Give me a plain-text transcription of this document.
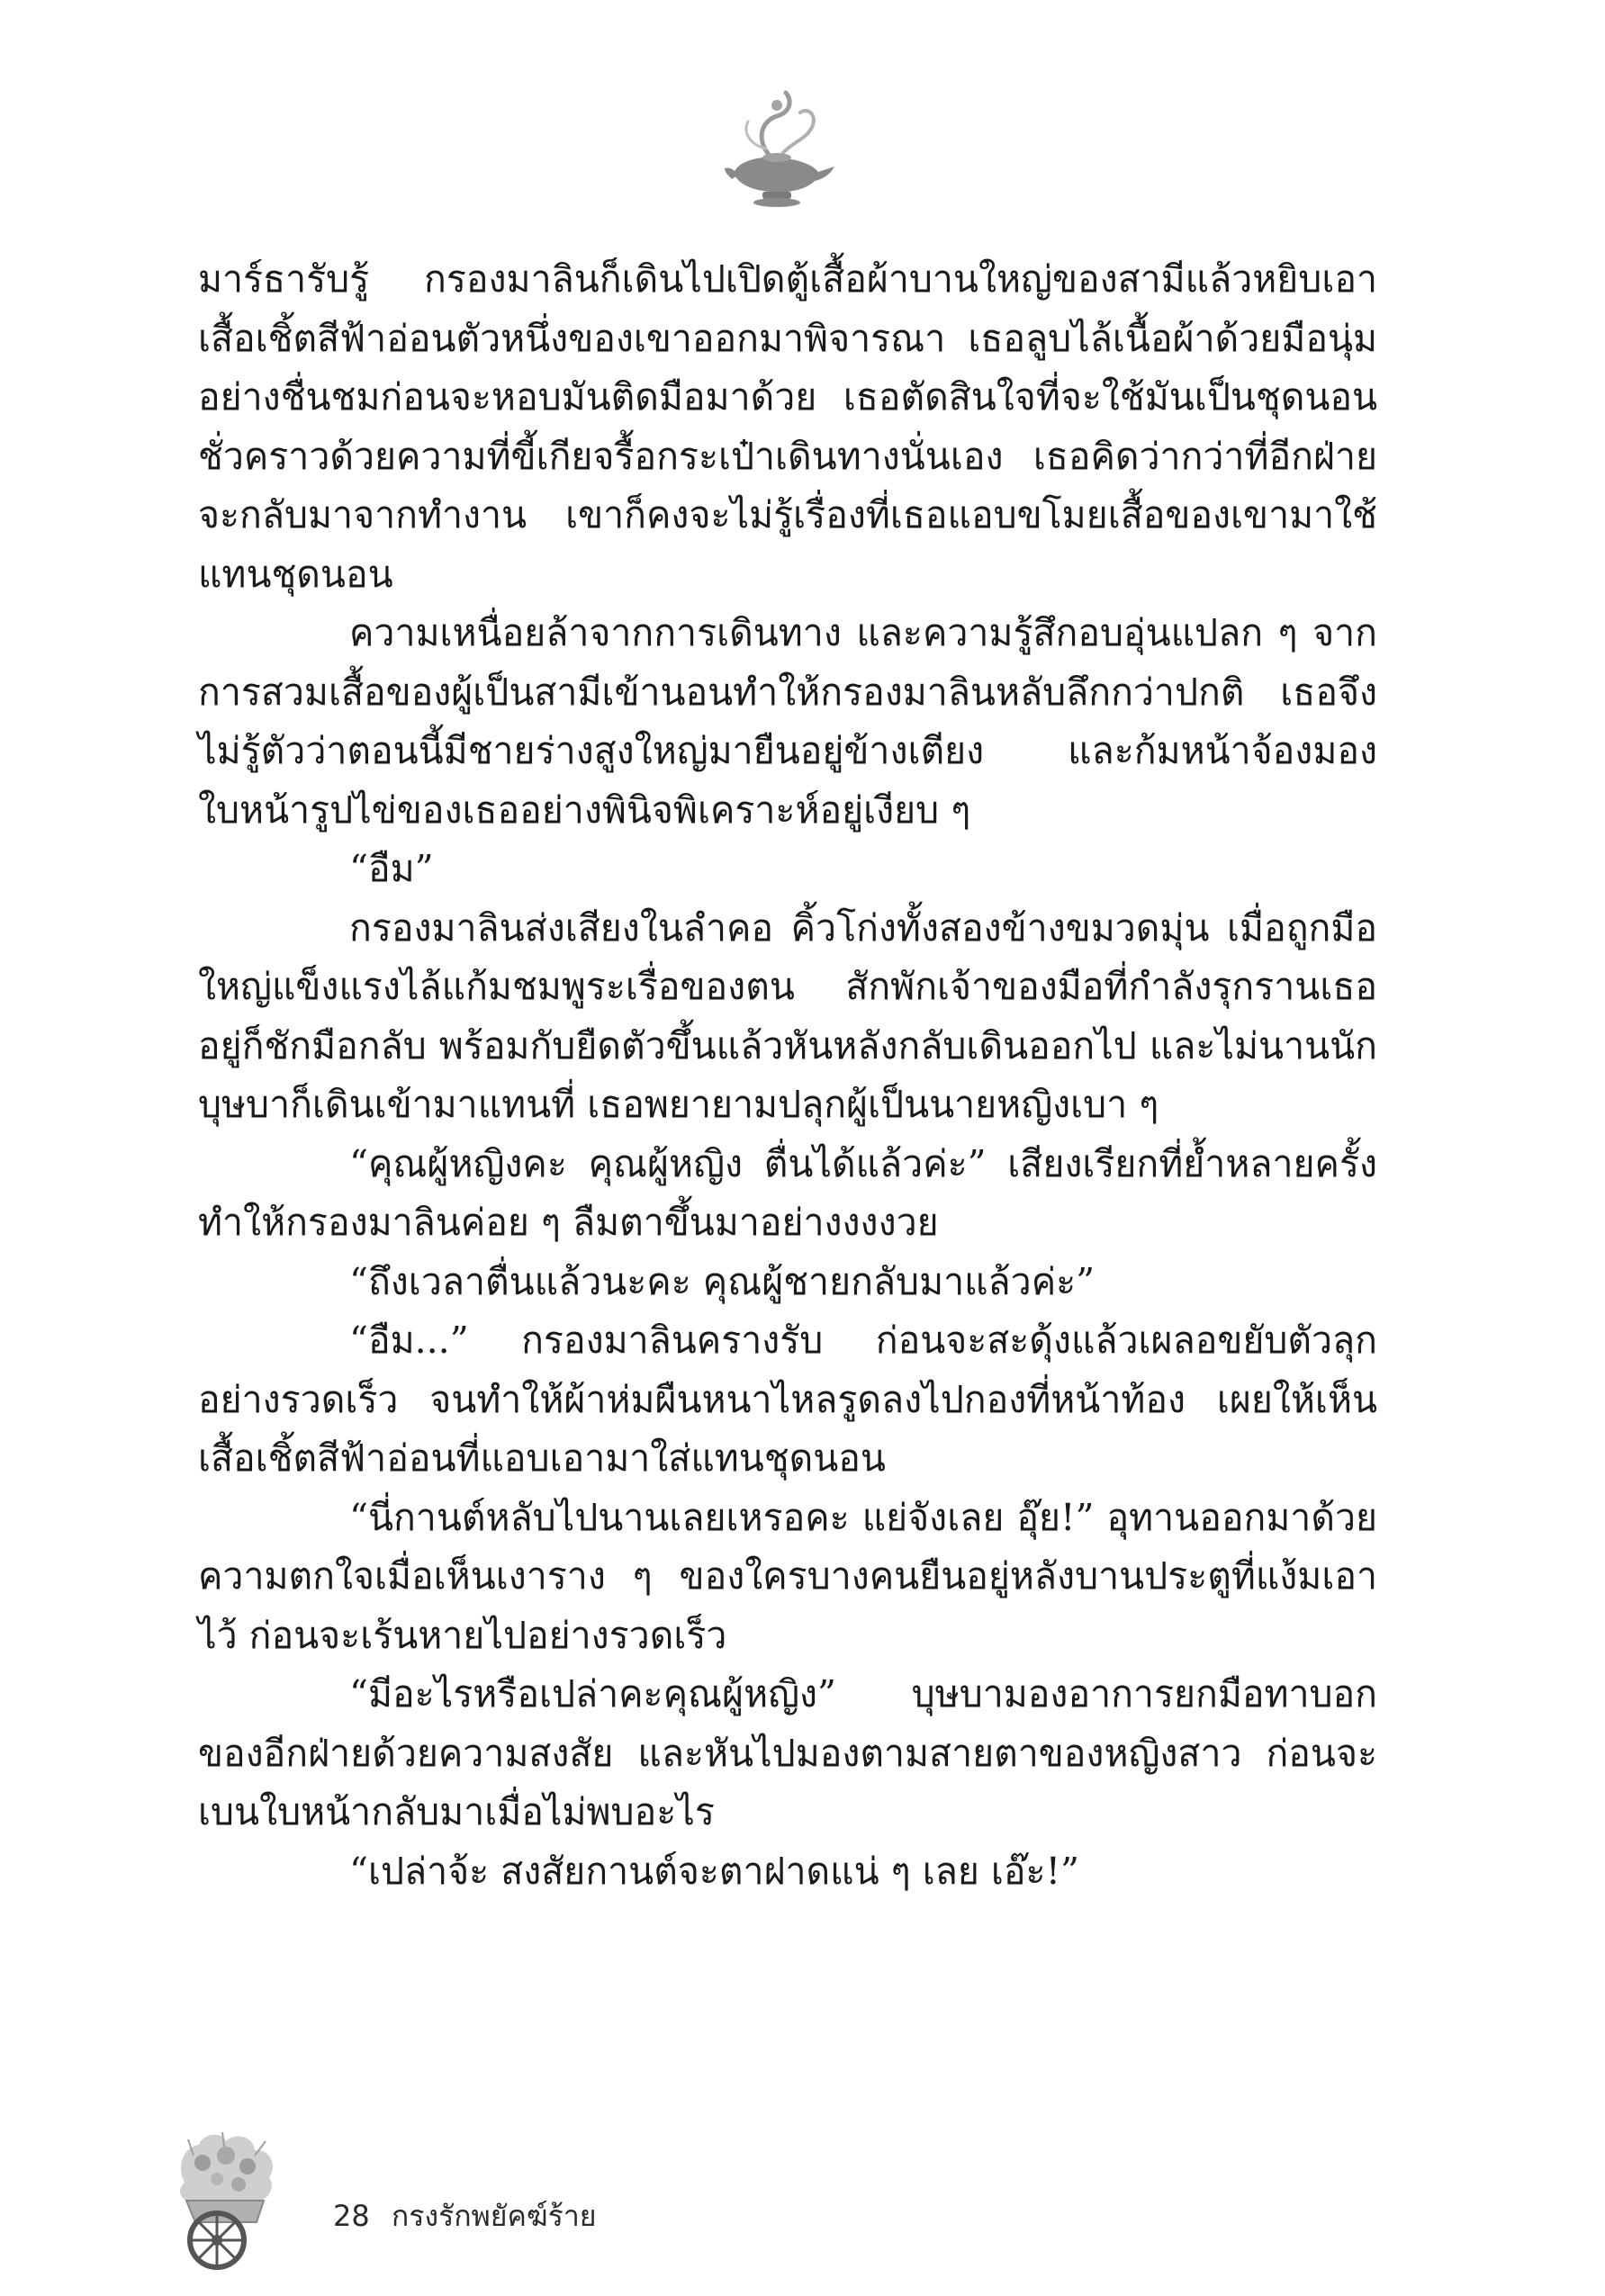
มาร์ธารับรู้ กรองมาลินก็เดินไปเปิดตู้เสื้อผ้าบานใหญ่ของสามีแล้วหยิบเอาเสื้อเชิ้ตสีฟ้าอ่อนตัวหนึ่งของเขาออกมาพิจารณา เธอลูบไล้เนื้อผ้าด้วยมือนุ่มอย่างชื่นชมก่อนจะหอบมันติดมือมาด้วย เธอตัดสินใจที่จะใช้มันเป็นชุดนอนชั่วคราวด้วยความที่ขี้เกียจรื้อกระเป๋าเดินทางนั่นเอง เธอคิดว่ากว่าที่อีกฝ่ายจะกลับมาจากทำงาน เขาก็คงจะไม่รู้เรื่องที่เธอแอบขโมยเสื้อของเขามาใช้แทนชุดนอน

ความเหนื่อยล้าจากการเดินทาง และความรู้สึกอบอุ่นแปลก ๆ จากการสวมเสื้อของผู้เป็นสามีเข้านอนทำให้กรองมาลินหลับลึกกว่าปกติ เธอจึงไม่รู้ตัวว่าตอนนี้มีชายร่างสูงใหญ่มายืนอยู่ข้างเตียง และก้มหน้าจ้องมองใบหน้ารูปไข่ของเธออย่างพินิจพิเคราะห์อยู่เงียบ ๆ

“อืม”

กรองมาลินส่งเสียงในลำคอ คิ้วโก่งทั้งสองข้างขมวดมุ่น เมื่อถูกมือใหญ่แข็งแรงไล้แก้มชมพูระเรื่อของตน สักพักเจ้าของมือที่กำลังรุกรานเธออยู่ก็ชักมือกลับ พร้อมกับยืดตัวขึ้นแล้วหันหลังกลับเดินออกไป และไม่นานนักบุษบาก็เดินเข้ามาแทนที่ เธอพยายามปลุกผู้เป็นนายหญิงเบา ๆ

“คุณผู้หญิงคะ คุณผู้หญิง ตื่นได้แล้วค่ะ” เสียงเรียกที่ย้ำหลายครั้งทำให้กรองมาลินค่อย ๆ ลืมตาขึ้นมาอย่างงงงวย

“ถึงเวลาตื่นแล้วนะคะ คุณผู้ชายกลับมาแล้วค่ะ”

“อืม...” กรองมาลินครางรับ ก่อนจะสะดุ้งแล้วเผลอขยับตัวลุกอย่างรวดเร็ว จนทำให้ผ้าห่มผืนหนาไหลรูดลงไปกองที่หน้าท้อง เผยให้เห็นเสื้อเชิ้ตสีฟ้าอ่อนที่แอบเอามาใส่แทนชุดนอน

“นี่กานต์หลับไปนานเลยเหรอคะ แย่จังเลย อุ๊ย!” อุทานออกมาด้วยความตกใจเมื่อเห็นเงาราง ๆ ของใครบางคนยืนอยู่หลังบานประตูที่แง้มเอาไว้ ก่อนจะเร้นหายไปอย่างรวดเร็ว

“มีอะไรหรือเปล่าคะคุณผู้หญิง” บุษบามองอาการยกมือทาบอกของอีกฝ่ายด้วยความสงสัย และหันไปมองตามสายตาของหญิงสาว ก่อนจะเบนใบหน้ากลับมาเมื่อไม่พบอะไร

“เปล่าจ้ะ สงสัยกานต์จะตาฝาดแน่ ๆ เลย เอ๊ะ!”

28 กรงรักพยัคฆ์ร้าย
